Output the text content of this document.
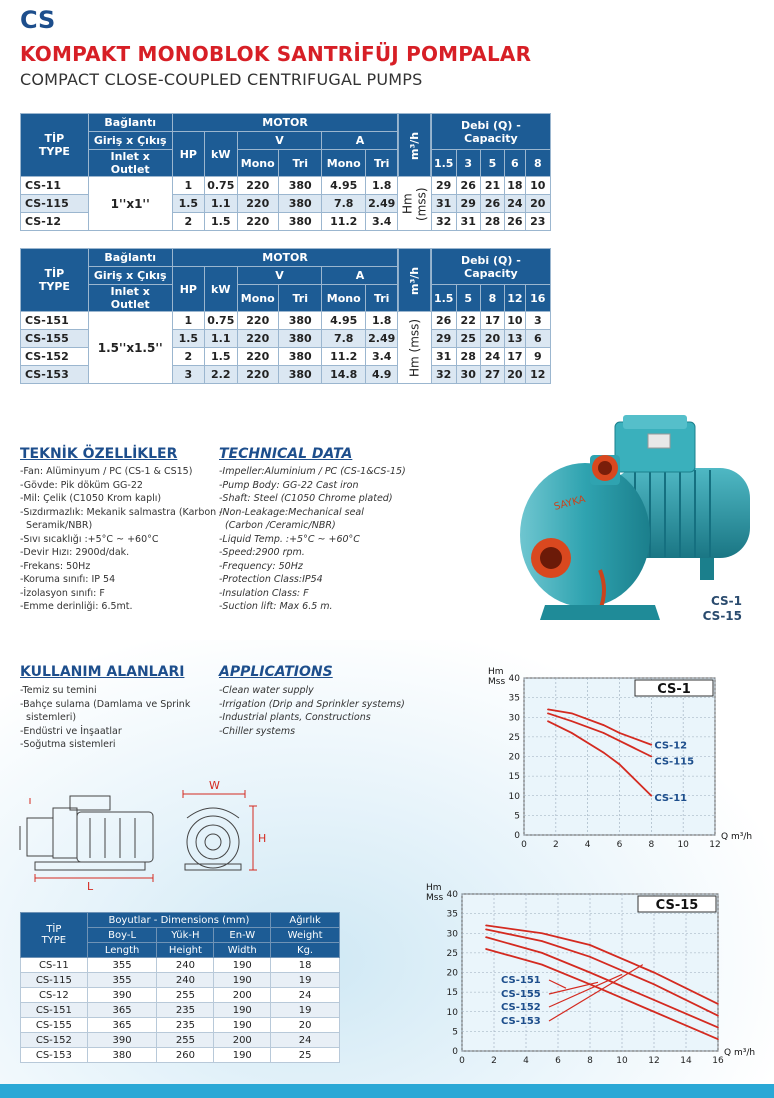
CS
KOMPAKT MONOBLOK SANTRİFÜJ POMPALAR
COMPACT CLOSE-COUPLED CENTRIFUGAL PUMPS
TİP
TYPE	Bağlantı	MOTOR						m³/h	Debi (Q) - Capacity				
	Giriş x Çıkış	HP	kW	V		A							
	Inlet x Outlet			Mono	Tri	Mono	Tri		1.5	3	5	6	8
CS-11	1''x1''	1	0.75	220	380	4.95	1.8	Hm (mss)	29	26	21	18	10
CS-115		1.5	1.1	220	380	7.8	2.49		31	29	26	24	20
CS-12		2	1.5	220	380	11.2	3.4		32	31	28	26	23
TİP
TYPE	Bağlantı	MOTOR						m³/h	Debi (Q) - Capacity				
	Giriş x Çıkış	HP	kW	V		A							
	Inlet x Outlet			Mono	Tri	Mono	Tri		1.5	5	8	12	16
CS-151	1.5''x1.5''	1	0.75	220	380	4.95	1.8	Hm (mss)	26	22	17	10	3
CS-155		1.5	1.1	220	380	7.8	2.49		29	25	20	13	6
CS-152		2	1.5	220	380	11.2	3.4		31	28	24	17	9
CS-153		3	2.2	220	380	14.8	4.9		32	30	27	20	12
TEKNİK ÖZELLİKLER
-Fan: Alüminyum / PC (CS-1 & CS15)
-Gövde: Pik döküm GG-22
-Mil: Çelik (C1050 Krom kaplı)
-Sızdırmazlık: Mekanik salmastra (Karbon /
Seramik/NBR)
-Sıvı sıcaklığı :+5°C ~ +60°C
-Devir Hızı: 2900d/dak.
-Frekans: 50Hz
-Koruma sınıfı: IP 54
-İzolasyon sınıfı: F
-Emme derinliği: 6.5mt.
TECHNICAL DATA
-Impeller:Aluminium / PC (CS-1&CS-15)
-Pump Body: GG-22 Cast iron
-Shaft: Steel (C1050 Chrome plated)
-Non-Leakage:Mechanical seal
(Carbon /Ceramic/NBR)
-Liquid Temp. :+5°C ~ +60°C
-Speed:2900 rpm.
-Frequency: 50Hz
-Protection Class:IP54
-Insulation Class: F
-Suction lift: Max 6.5 m.
KULLANIM ALANLARI
-Temiz su temini
-Bahçe sulama (Damlama ve Sprink
sistemleri)
-Endüstri ve İnşaatlar
-Soğutma sistemleri
APPLICATIONS
-Clean water supply
-Irrigation (Drip and Sprinkler systems)
-Industrial plants, Constructions
-Chiller systems
SAYKA
CS-1
CS-15
L
W
H
TİP
TYPE	Boyutlar - Dimensions (mm)			Ağırlık
	Boy-L	Yük-H	En-W	Weight
	Length	Height	Width	Kg.
CS-11	355	240	190	18
CS-115	355	240	190	19
CS-12	390	255	200	24
CS-151	365	235	190	19
CS-155	365	235	190	20
CS-152	390	255	200	24
CS-153	380	260	190	25
0
5
10
15
20
25
30
35
40
0	2	4	6	8	10 12
CS-1
Hm
Mss
Q m³/h
CS-12
CS-115
CS-11
0
5
10
15
20
25
30
35
40
0	2	4	6	8	10 12 14 16
CS-15
Hm
Mss
Q m³/h
CS-151
CS-155
CS-152
CS-153
